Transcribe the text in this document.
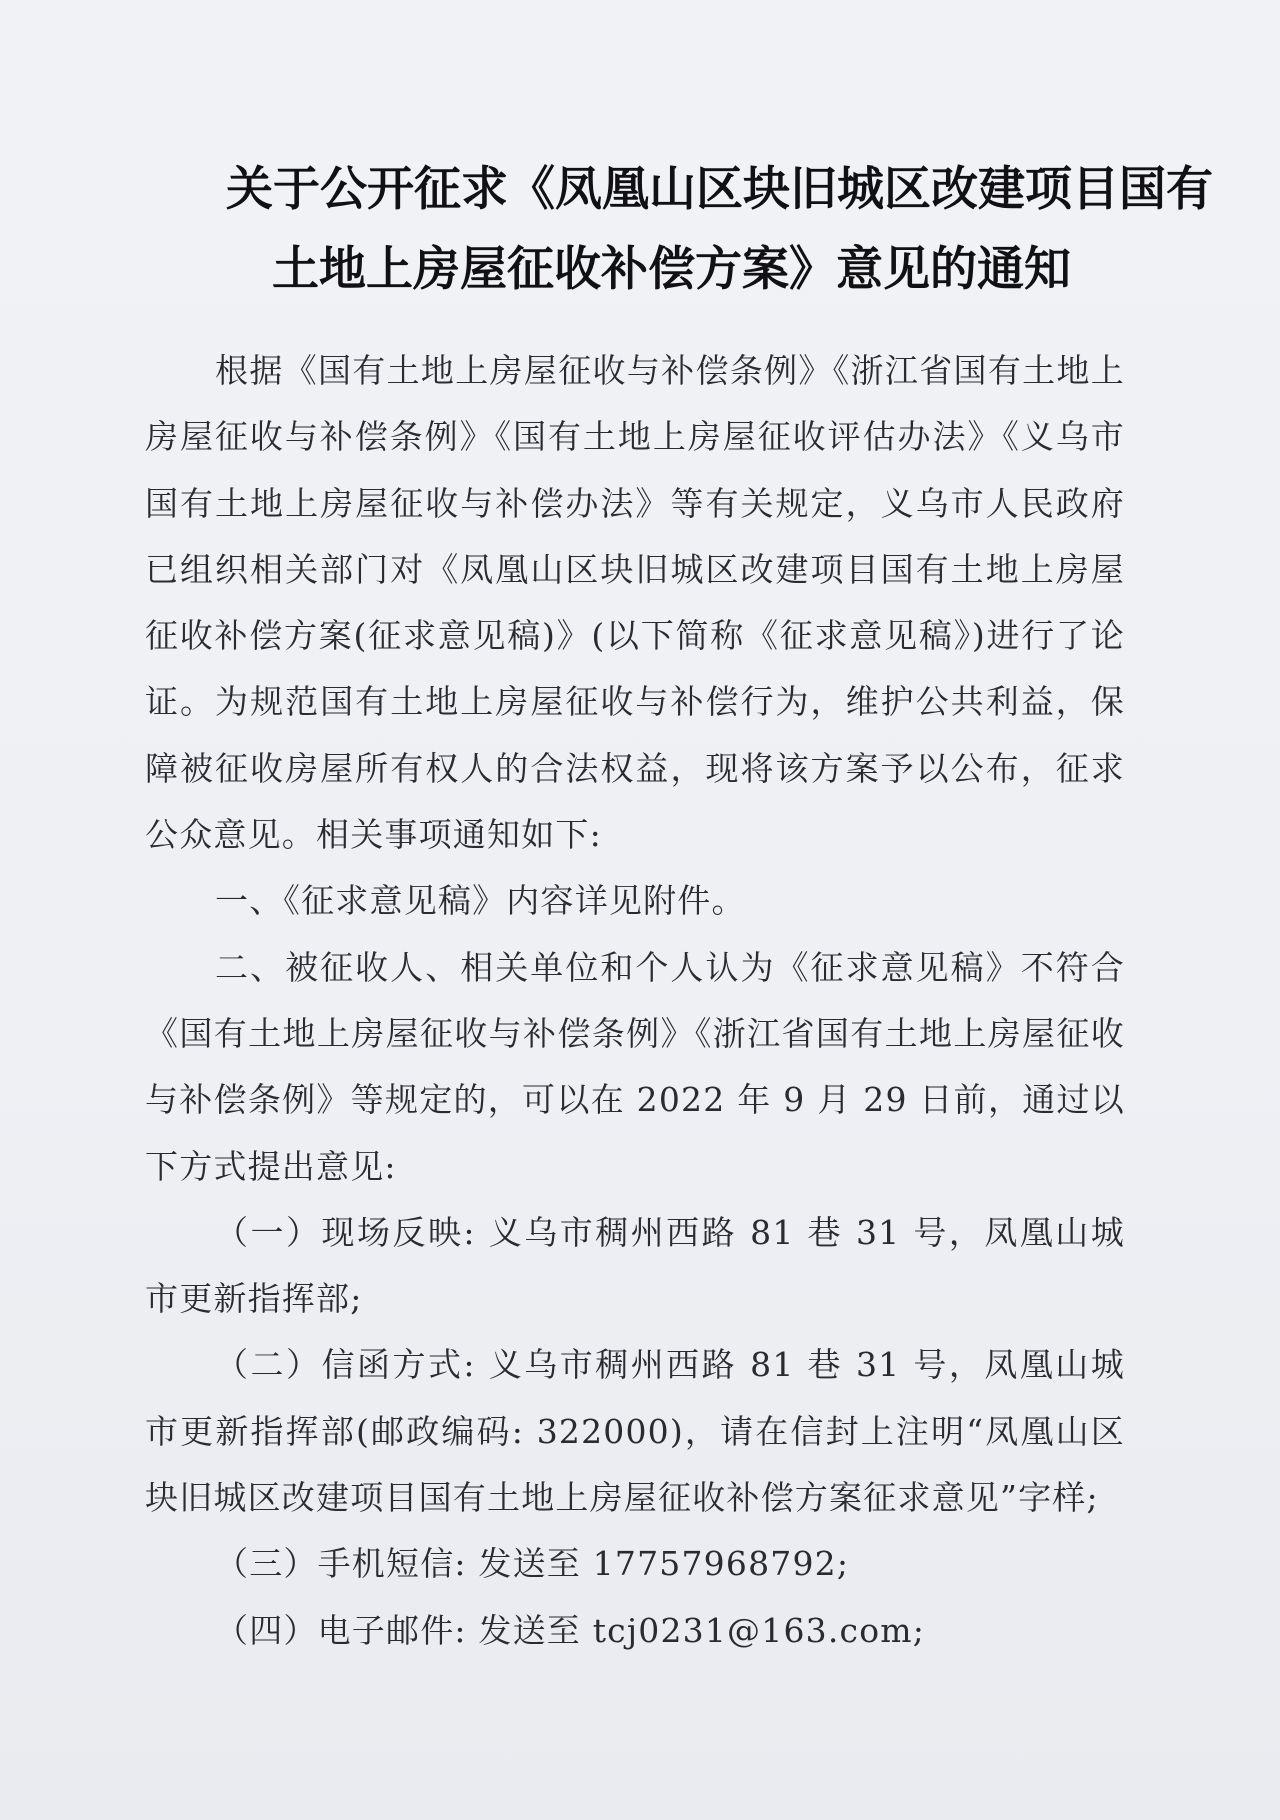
关于公开征求《凤凰山区块旧城区改建项目国有
土地上房屋征收补偿方案》意见的通知

根据《国有土地上房屋征收与补偿条例》《浙江省国有土地上房屋征收与补偿条例》《国有土地上房屋征收评估办法》《义乌市国有土地上房屋征收与补偿办法》等有关规定，义乌市人民政府已组织相关部门对《凤凰山区块旧城区改建项目国有土地上房屋征收补偿方案(征求意见稿)》(以下简称《征求意见稿》)进行了论证。为规范国有土地上房屋征收与补偿行为，维护公共利益，保障被征收房屋所有权人的合法权益，现将该方案予以公布，征求公众意见。相关事项通知如下:

一、《征求意见稿》内容详见附件。

二、被征收人、相关单位和个人认为《征求意见稿》不符合《国有土地上房屋征收与补偿条例》《浙江省国有土地上房屋征收与补偿条例》等规定的，可以在 2022 年 9 月 29 日前，通过以下方式提出意见:

（一）现场反映: 义乌市稠州西路 81 巷 31 号，凤凰山城市更新指挥部;

（二）信函方式: 义乌市稠州西路 81 巷 31 号，凤凰山城市更新指挥部(邮政编码: 322000)，请在信封上注明“凤凰山区块旧城区改建项目国有土地上房屋征收补偿方案征求意见”字样;

（三）手机短信: 发送至 17757968792;

（四）电子邮件: 发送至 tcj0231@163.com;
